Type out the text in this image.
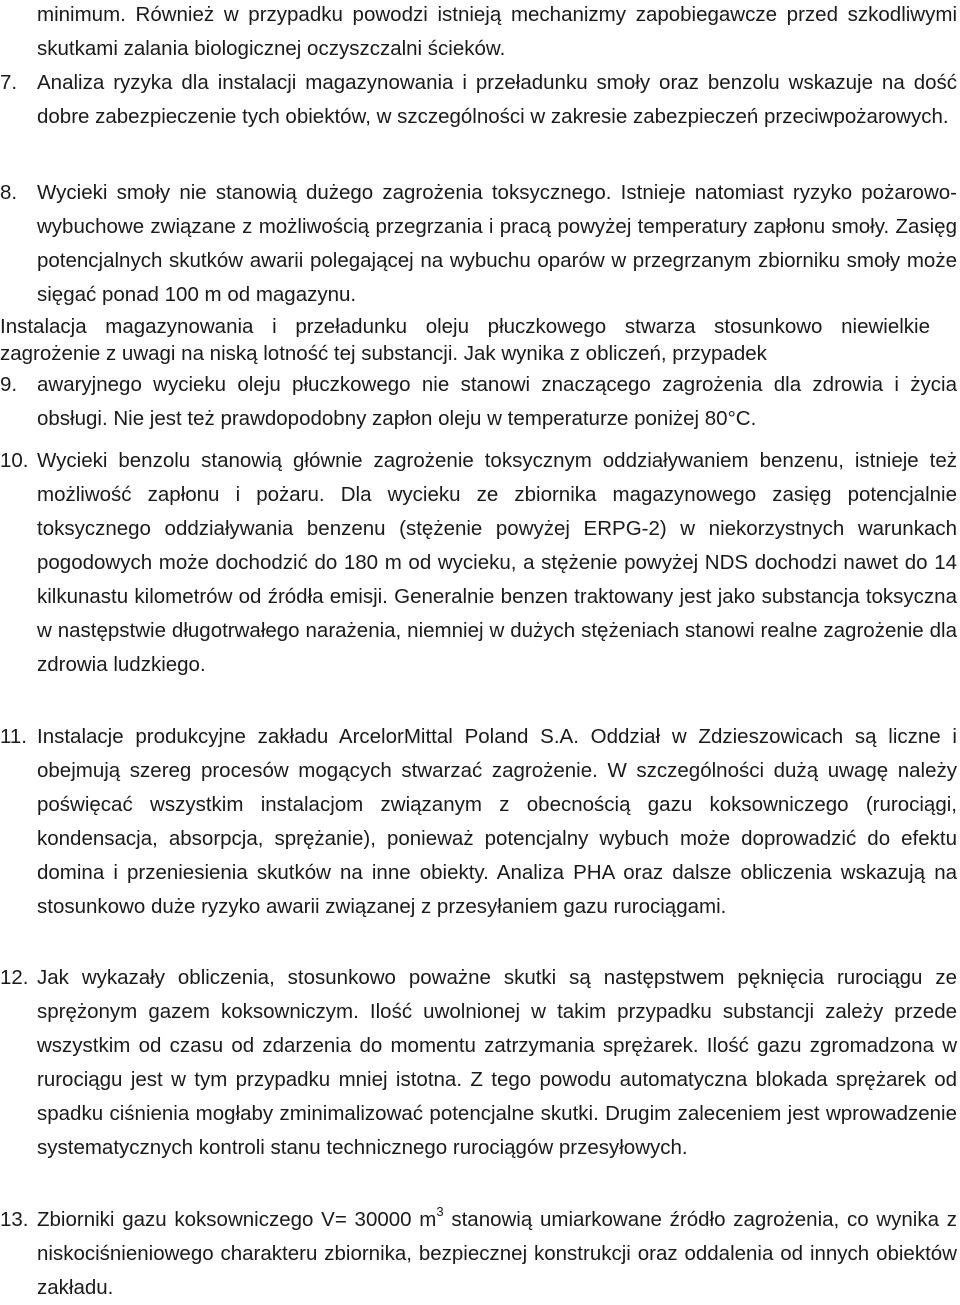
minimum. Również w przypadku powodzi istnieją mechanizmy zapobiegawcze przed szkodliwymi skutkami zalania biologicznej oczyszczalni ścieków.
7. Analiza ryzyka dla instalacji magazynowania i przeładunku smoły oraz benzolu wskazuje na dość dobre zabezpieczenie tych obiektów, w szczególności w zakresie zabezpieczeń przeciwpożarowych.
8. Wycieki smoły nie stanowią dużego zagrożenia toksycznego. Istnieje natomiast ryzyko pożarowo-wybuchowe związane z możliwością przegrzania i pracą powyżej temperatury zapłonu smoły. Zasięg potencjalnych skutków awarii polegającej na wybuchu oparów w przegrzanym zbiorniku smoły może sięgać ponad 100 m od magazynu.
Instalacja magazynowania i przeładunku oleju płuczkowego stwarza stosunkowo niewielkie zagrożenie z uwagi na niską lotność tej substancji. Jak wynika z obliczeń, przypadek
9. awaryjnego wycieku oleju płuczkowego nie stanowi znaczącego zagrożenia dla zdrowia i życia obsługi. Nie jest też prawdopodobny zapłon oleju w temperaturze poniżej 80°C.
10. Wycieki benzolu stanowią głównie zagrożenie toksycznym oddziaływaniem benzenu, istnieje też możliwość zapłonu i pożaru. Dla wycieku ze zbiornika magazynowego zasięg potencjalnie toksycznego oddziaływania benzenu (stężenie powyżej ERPG-2) w niekorzystnych warunkach pogodowych może dochodzić do 180 m od wycieku, a stężenie powyżej NDS dochodzi nawet do 14 kilkunastu kilometrów od źródła emisji. Generalnie benzen traktowany jest jako substancja toksyczna w następstwie długotrwałego narażenia, niemniej w dużych stężeniach stanowi realne zagrożenie dla zdrowia ludzkiego.
11. Instalacje produkcyjne zakładu ArcelorMittal Poland S.A. Oddział w Zdzieszowicach są liczne i obejmują szereg procesów mogących stwarzać zagrożenie. W szczególności dużą uwagę należy poświęcać wszystkim instalacjom związanym z obecnością gazu koksowniczego (rurociągi, kondensacja, absorpcja, sprężanie), ponieważ potencjalny wybuch może doprowadzić do efektu domina i przeniesienia skutków na inne obiekty. Analiza PHA oraz dalsze obliczenia wskazują na stosunkowo duże ryzyko awarii związanej z przesyłaniem gazu rurociągami.
12. Jak wykazały obliczenia, stosunkowo poważne skutki są następstwem pęknięcia rurociągu ze sprężonym gazem koksowniczym. Ilość uwolnionej w takim przypadku substancji zależy przede wszystkim od czasu od zdarzenia do momentu zatrzymania sprężarek. Ilość gazu zgromadzona w rurociągu jest w tym przypadku mniej istotna. Z tego powodu automatyczna blokada sprężarek od spadku ciśnienia mogłaby zminimalizować potencjalne skutki. Drugim zaleceniem jest wprowadzenie systematycznych kontroli stanu technicznego rurociągów przesyłowych.
13. Zbiorniki gazu koksowniczego V= 30000 $m^3$ stanowią umiarkowane źródło zagrożenia, co wynika z niskociśnieniowego charakteru zbiornika, bezpiecznej konstrukcji oraz oddalenia od innych obiektów zakładu.
